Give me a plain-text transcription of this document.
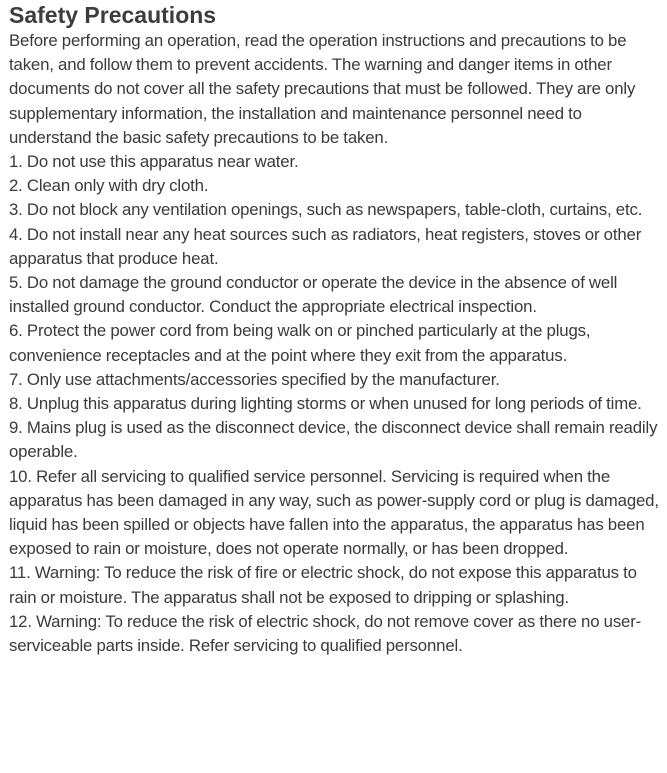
Safety Precautions

Before performing an operation, read the operation instructions and precautions to be taken, and follow them to prevent accidents. The warning and danger items in other documents do not cover all the safety precautions that must be followed. They are only supplementary information, the installation and maintenance personnel need to understand the basic safety precautions to be taken.

1. Do not use this apparatus near water.
2. Clean only with dry cloth.
3. Do not block any ventilation openings, such as newspapers, table-cloth, curtains, etc.
4. Do not install near any heat sources such as radiators, heat registers, stoves or other apparatus that produce heat.
5. Do not damage the ground conductor or operate the device in the absence of well installed ground conductor. Conduct the appropriate electrical inspection.
6. Protect the power cord from being walk on or pinched particularly at the plugs, convenience receptacles and at the point where they exit from the apparatus.
7. Only use attachments/accessories specified by the manufacturer.
8. Unplug this apparatus during lighting storms or when unused for long periods of time.
9. Mains plug is used as the disconnect device, the disconnect device shall remain readily operable.
10. Refer all servicing to qualified service personnel. Servicing is required when the apparatus has been damaged in any way, such as power-supply cord or plug is damaged, liquid has been spilled or objects have fallen into the apparatus, the apparatus has been exposed to rain or moisture, does not operate normally, or has been dropped.
11. Warning: To reduce the risk of fire or electric shock, do not expose this apparatus to rain or moisture. The apparatus shall not be exposed to dripping or splashing.
12. Warning: To reduce the risk of electric shock, do not remove cover as there no user-serviceable parts inside. Refer servicing to qualified personnel.
